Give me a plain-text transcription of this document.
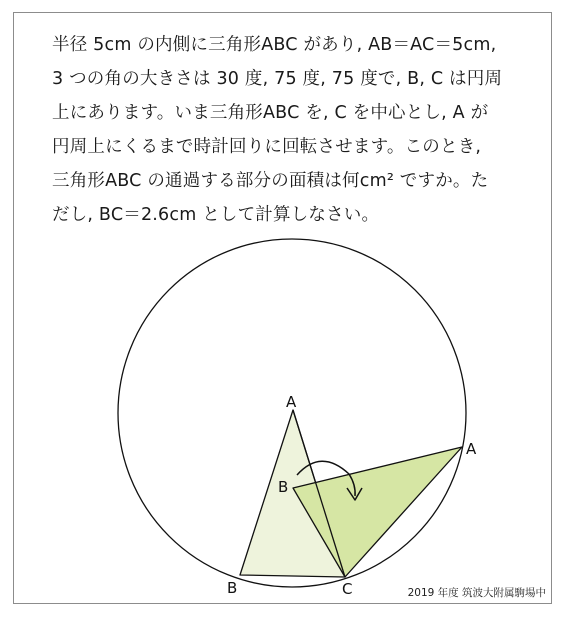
半径 5cm の内側に三角形ABC があり, AB＝AC＝5cm,
3 つの角の大きさは 30 度, 75 度, 75 度で, B, C は円周
上にあります。いま三角形ABC を, C を中心とし, A が
円周上にくるまで時計回りに回転させます。このとき,
三角形ABC の通過する部分の面積は何cm² ですか。た
だし, BC＝2.6cm として計算しなさい。

A
B	C
A
B
2019 年度 筑波大附属駒場中
